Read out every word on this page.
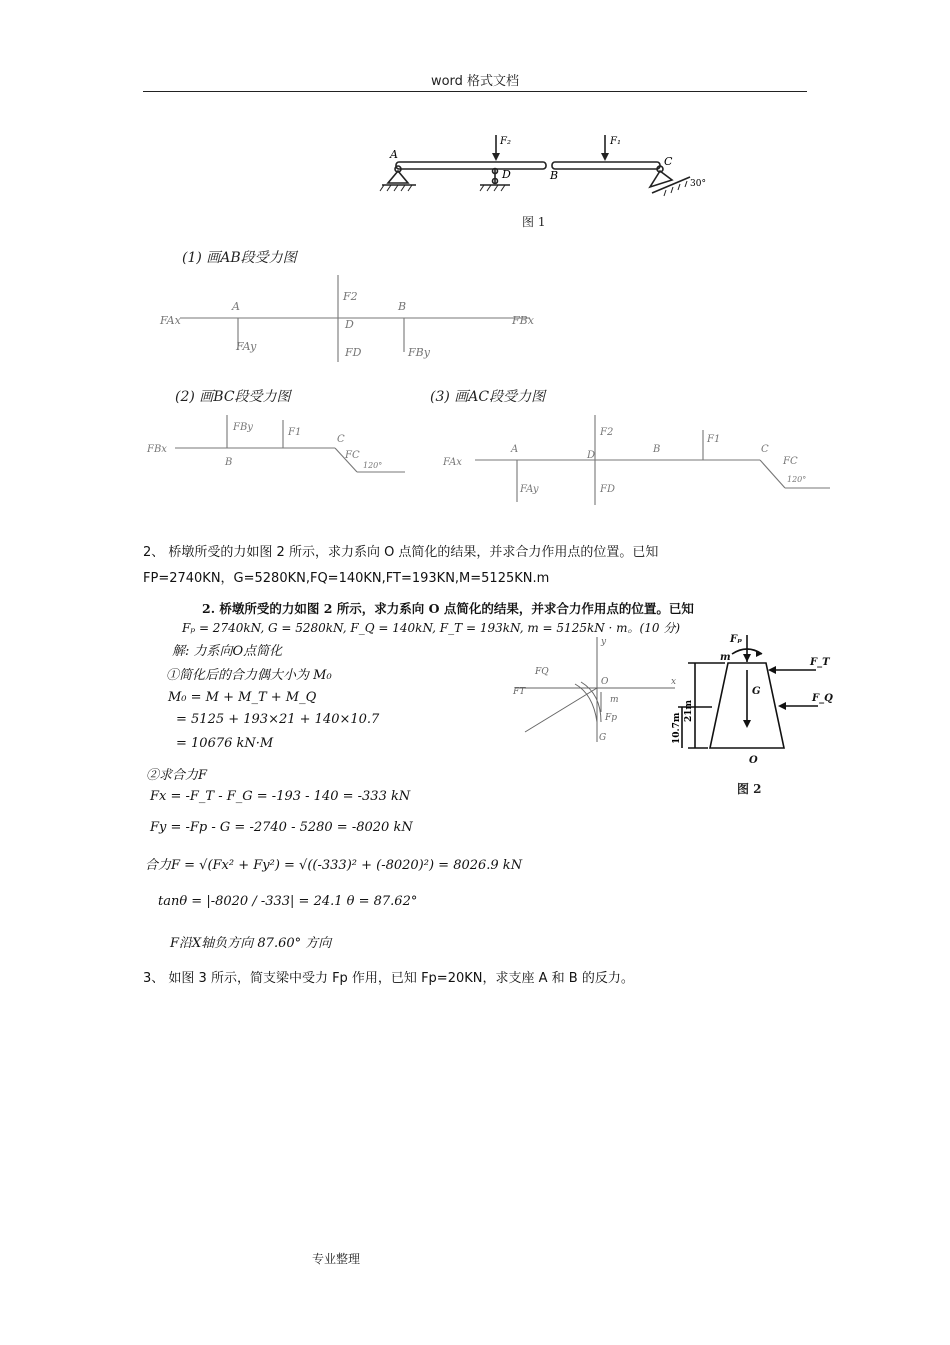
word 格式文档
A
D	B
C
F₂	F₁
30°
图 1
(1) 画AB段受力图
FAx
A
FAy
F2
D
FD
B
FBy
FBx
(2) 画BC段受力图
FBx
FBy	F1
B
C
FC
120°
(3) 画AC段受力图
FAx
A
FAy
F2
D
FD
B
F1
C
FC
120°
2、 桥墩所受的力如图 2 所示，求力系向 O 点简化的结果，并求合力作用点的位置。已知
FP=2740KN，G=5280KN,FQ=140KN,FT=193KN,M=5125KN.m
2. 桥墩所受的力如图 2 所示，求力系向 O 点简化的结果，并求合力作用点的位置。已知
Fₚ = 2740kN, G = 5280kN, F_Q = 140kN, F_T = 193kN, m = 5125kN · m。(10 分)
解: 力系向O点简化
①简化后的合力偶大小为 M₀
M₀ = M + M_T + M_Q
= 5125 + 193×21 + 140×10.7
= 10676 kN·M
②求合力F
Fx = -F_T - F_G = -193 - 140 = -333 kN
Fy = -Fp - G = -2740 - 5280 = -8020 kN
合力F = √(Fx² + Fy²) = √((-333)² + (-8020)²) = 8026.9 kN
tanθ = |-8020 / -333| = 24.1 θ = 87.62°
F沿X轴负方向 87.60° 方向
y
x
FQ
FT
O
m
Fp
G
Fₚ
m	F_T
G
F_Q
O
21m
10.7m
图 2
3、 如图 3 所示，简支梁中受力 Fp 作用，已知 Fp=20KN，求支座 A 和 B 的反力。
专业整理
